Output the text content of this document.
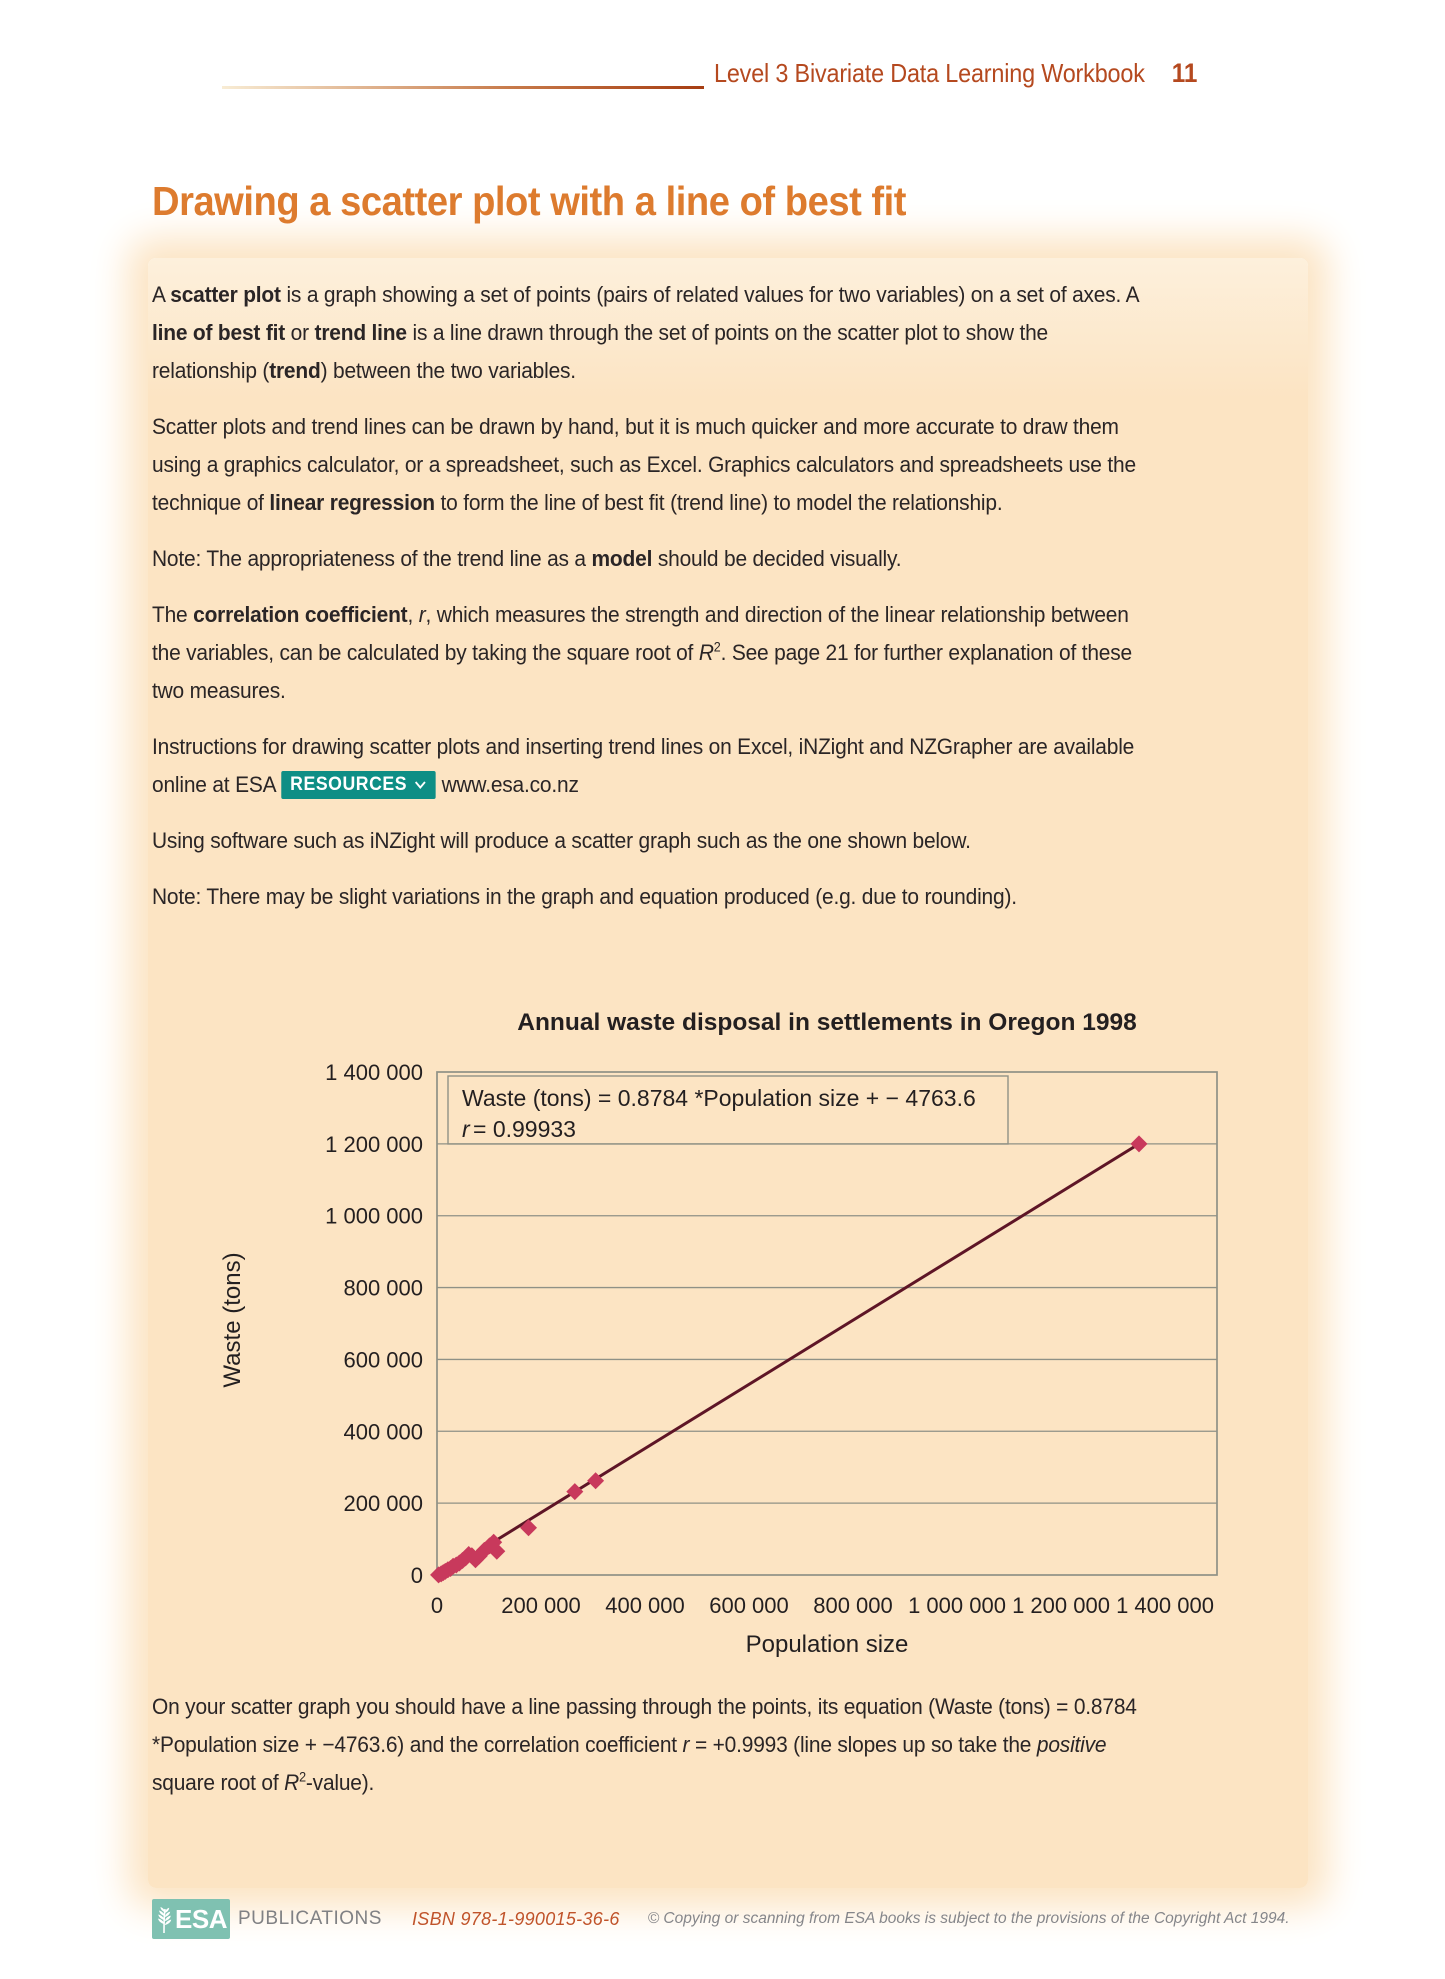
Level 3 Bivariate Data Learning Workbook 11
Drawing a scatter plot with a line of best fit

A scatter plot is a graph showing a set of points (pairs of related values for two variables) on a set of axes. A line of best fit or trend line is a line drawn through the set of points on the scatter plot to show the relationship (trend) between the two variables.

Scatter plots and trend lines can be drawn by hand, but it is much quicker and more accurate to draw them using a graphics calculator, or a spreadsheet, such as Excel. Graphics calculators and spreadsheets use the technique of linear regression to form the line of best fit (trend line) to model the relationship.

Note: The appropriateness of the trend line as a model should be decided visually.

The correlation coefficient, r, which measures the strength and direction of the linear relationship between the variables, can be calculated by taking the square root of $R^2$. See page 21 for further explanation of these two measures.

Instructions for drawing scatter plots and inserting trend lines on Excel, iNZight and NZGrapher are available online at ESA RESOURCES www.esa.co.nz

Using software such as iNZight will produce a scatter graph such as the one shown below.

Note: There may be slight variations in the graph and equation produced (e.g. due to rounding).

Annual waste disposal in settlements in Oregon 1998
Waste (tons)
Population size
0
200 000
400 000
600 000
800 000
1 000 000
1 200 000
1 400 000
0	200 000 400 000 600 000 800 000 1 000 000 1 200 000 1 400 000
Waste (tons) = 0.8784 *Population size + − 4763.6
r = 0.99933

On your scatter graph you should have a line passing through the points, its equation (Waste (tons) = 0.8784 *Population size + −4763.6) and the correlation coefficient r = +0.9993 (line slopes up so take the positive square root of $R^2-value$).

ESA PUBLICATIONS ISBN 978-1-990015-36-6 © Copying or scanning from ESA books is subject to the provisions of the Copyright Act 1994.
